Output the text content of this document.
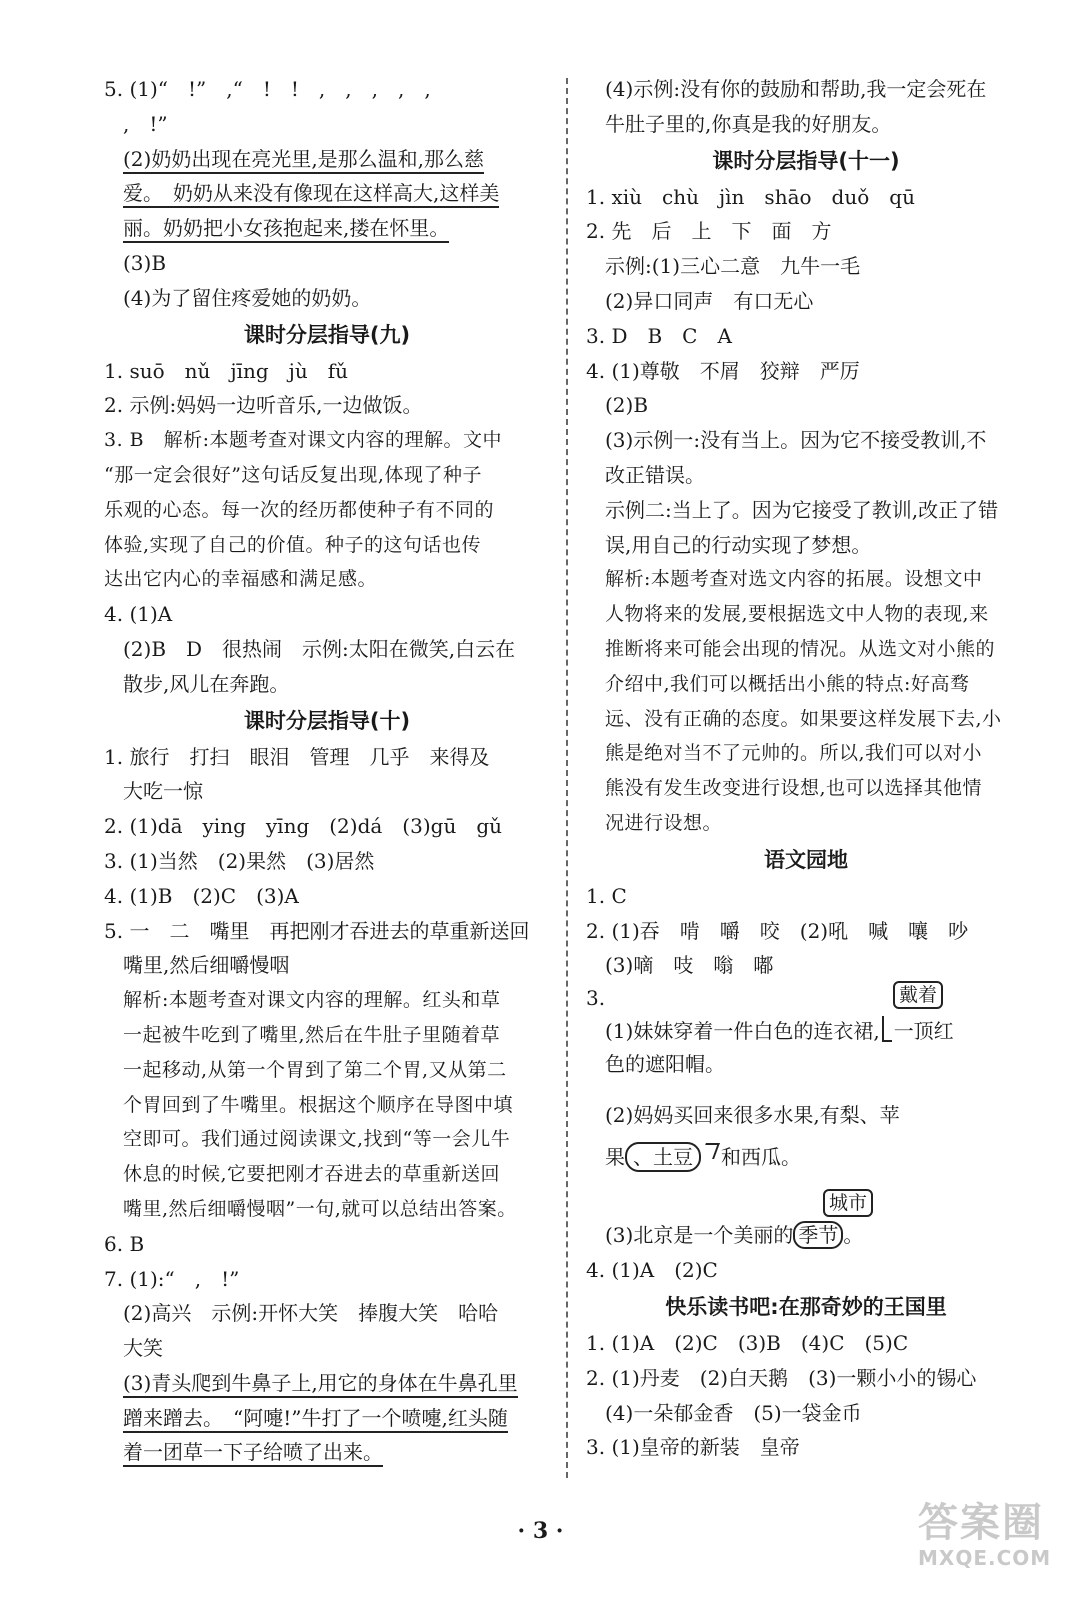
5. (1)“　!”　,“　!　!　,　,　,　,　,
,　!”
(2)奶奶出现在亮光里,是那么温和,那么慈
爱。　奶奶从来没有像现在这样高大,这样美
丽。奶奶把小女孩抱起来,搂在怀里。
(3)B
(4)为了留住疼爱她的奶奶。
课时分层指导(九)
1. suō　nǔ　jīng　jù　fǔ
2. 示例:妈妈一边听音乐,一边做饭。
3. B　解析:本题考查对课文内容的理解。文中
“那一定会很好”这句话反复出现,体现了种子
乐观的心态。每一次的经历都使种子有不同的
体验,实现了自己的价值。种子的这句话也传
达出它内心的幸福感和满足感。
4. (1)A
(2)B　D　很热闹　示例:太阳在微笑,白云在
散步,风儿在奔跑。
课时分层指导(十)
1. 旅行　打扫　眼泪　管理　几乎　来得及
大吃一惊
2. (1)dā　ying　yīng　(2)dá　(3)gū　gǔ
3. (1)当然　(2)果然　(3)居然
4. (1)B　(2)C　(3)A
5. 一　二　嘴里　再把刚才吞进去的草重新送回
嘴里,然后细嚼慢咽
解析:本题考查对课文内容的理解。红头和草
一起被牛吃到了嘴里,然后在牛肚子里随着草
一起移动,从第一个胃到了第二个胃,又从第二
个胃回到了牛嘴里。根据这个顺序在导图中填
空即可。我们通过阅读课文,找到“等一会儿牛
休息的时候,它要把刚才吞进去的草重新送回
嘴里,然后细嚼慢咽”一句,就可以总结出答案。
6. B
7. (1):“　,　!”
(2)高兴　示例:开怀大笑　捧腹大笑　哈哈
大笑
(3)青头爬到牛鼻子上,用它的身体在牛鼻孔里
蹭来蹭去。　“阿嚏!”牛打了一个喷嚏,红头随
着一团草一下子给喷了出来。
(4)示例:没有你的鼓励和帮助,我一定会死在
牛肚子里的,你真是我的好朋友。
课时分层指导(十一)
1. xiù　chù　jìn　shāo　duǒ　qū
2. 先　后　上　下　面　方
示例:(1)三心二意　九牛一毛
(2)异口同声　有口无心
3. D　B　C　A
4. (1)尊敬　不屑　狡辩　严厉
(2)B
(3)示例一:没有当上。因为它不接受教训,不
改正错误。
示例二:当上了。因为它接受了教训,改正了错
误,用自己的行动实现了梦想。
解析:本题考查对选文内容的拓展。设想文中
人物将来的发展,要根据选文中人物的表现,来
推断将来可能会出现的情况。从选文对小熊的
介绍中,我们可以概括出小熊的特点:好高骛
远、没有正确的态度。如果要这样发展下去,小
熊是绝对当不了元帅的。所以,我们可以对小
熊没有发生改变进行设想,也可以选择其他情
况进行设想。
语文园地
1. C
2. (1)吞　啃　嚼　咬　(2)吼　喊　嚷　吵
(3)嘀　吱　嗡　嘟
3.	戴着
(1)妹妹穿着一件白色的连衣裙, 一顶红
色的遮阳帽。
(2)妈妈买回来很多水果,有梨、苹
果 、土豆 和西瓜。
城市
(3)北京是一个美丽的 季节 。
4. (1)A　(2)C
快乐读书吧:在那奇妙的王国里
1. (1)A　(2)C　(3)B　(4)C　(5)C
2. (1)丹麦　(2)白天鹅　(3)一颗小小的锡心
(4)一朵郁金香　(5)一袋金币
3. (1)皇帝的新装　皇帝
· 3 ·	答案圈
MXQE.COM
